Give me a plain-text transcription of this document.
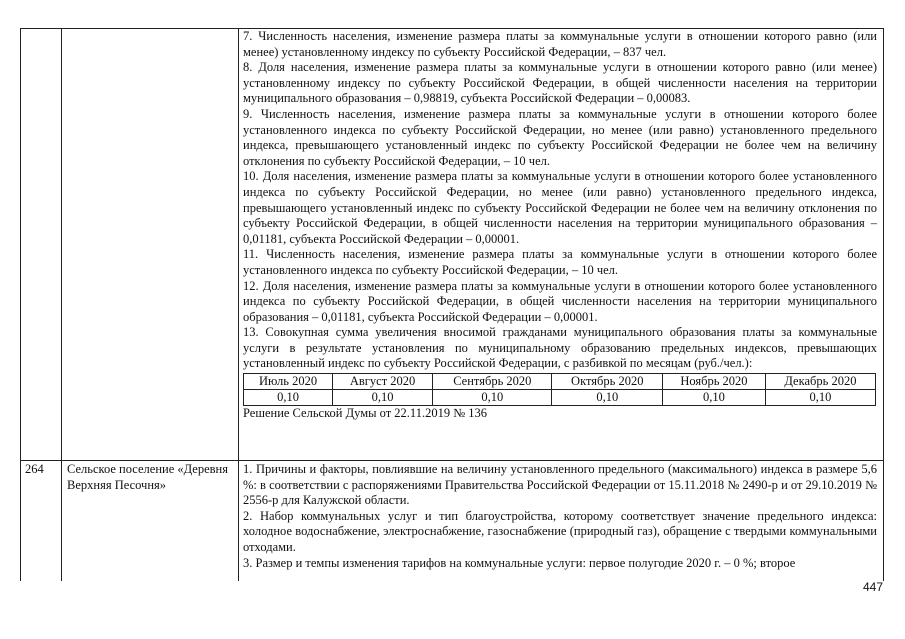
7. Численность населения, изменение размера платы за коммунальные услуги в отношении которого равно (или менее) установленному индексу по субъекту Российской Федерации, – 837 чел.

8. Доля населения, изменение размера платы за коммунальные услуги в отношении которого равно (или менее) установленному индексу по субъекту Российской Федерации, в общей численности населения на территории муниципального образования – 0,98819, субъекта Российской Федерации – 0,00083.

9. Численность населения, изменение размера платы за коммунальные услуги в отношении которого более установленного индекса по субъекту Российской Федерации, но менее (или равно) установленного предельного индекса, превышающего установленный индекс по субъекту Российской Федерации не более чем на величину отклонения по субъекту Российской Федерации, – 10 чел.

10. Доля населения, изменение размера платы за коммунальные услуги в отношении которого более установленного индекса по субъекту Российской Федерации, но менее (или равно) установленного предельного индекса, превышающего установленный индекс по субъекту Российской Федерации не более чем на величину отклонения по субъекту Российской Федерации, в общей численности населения на территории муниципального образования – 0,01181, субъекта Российской Федерации – 0,00001.

11. Численность населения, изменение размера платы за коммунальные услуги в отношении которого более установленного индекса по субъекту Российской Федерации, – 10 чел.

12. Доля населения, изменение размера платы за коммунальные услуги в отношении которого более установленного индекса по субъекту Российской Федерации, в общей численности населения на территории муниципального образования – 0,01181, субъекта Российской Федерации – 0,00001.

13. Совокупная сумма увеличения вносимой гражданами муниципального образования платы за коммунальные услуги в результате установления по муниципальному образованию предельных индексов, превышающих установленный индекс по субъекту Российской Федерации, с разбивкой по месяцам (руб./чел.):

Июль 2020	Август 2020	Сентябрь 2020	Октябрь 2020	Ноябрь 2020	Декабрь 2020
0,10	0,10	0,10	0,10	0,10	0,10

Решение Сельской Думы от 22.11.2019 № 136

264 Сельское поселение «Деревня Верхняя Песочня»

1. Причины и факторы, повлиявшие на величину установленного предельного (максимального) индекса в размере 5,6 %: в соответствии с распоряжениями Правительства Российской Федерации от 15.11.2018 № 2490-р и от 29.10.2019 № 2556-р для Калужской области.

2. Набор коммунальных услуг и тип благоустройства, которому соответствует значение предельного индекса: холодное водоснабжение, электроснабжение, газоснабжение (природный газ), обращение с твердыми коммунальными отходами.

3. Размер и темпы изменения тарифов на коммунальные услуги: первое полугодие 2020 г. – 0 %; второе

447
